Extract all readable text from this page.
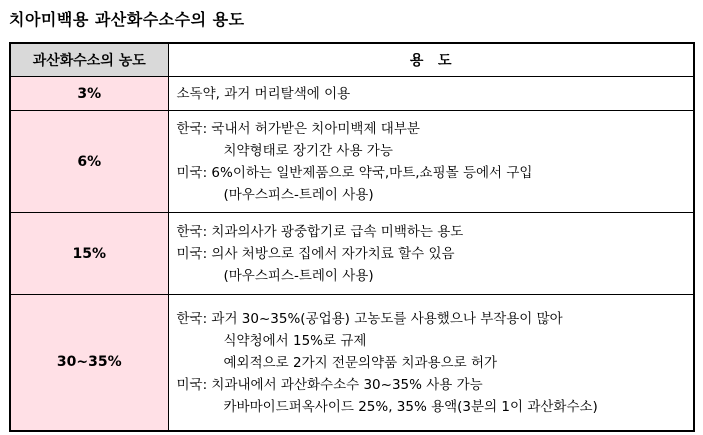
치아미백용 과산화수소수의 용도
과산화수소의 농도	용   도
3%	소독약, 과거 머리탈색에 이용

6%	한국: 국내서 허가받은 치아미백제 대부분
치약형태로 장기간 사용 가능
미국: 6%이하는 일반제품으로 약국,마트,쇼핑몰 등에서 구입
(마우스피스-트레이 사용)

15%	한국: 치과의사가 광중합기로 급속 미백하는 용도
미국: 의사 처방으로 집에서 자가치료 할수 있음
(마우스피스-트레이 사용)

30~35%	한국: 과거 30~35%(공업용) 고농도를 사용했으나 부작용이 많아
식약청에서 15%로 규제
예외적으로 2가지 전문의약품 치과용으로 허가
미국: 치과내에서 과산화수소수 30~35% 사용 가능
카바마이드퍼옥사이드 25%, 35% 용액(3분의 1이 과산화수소)
